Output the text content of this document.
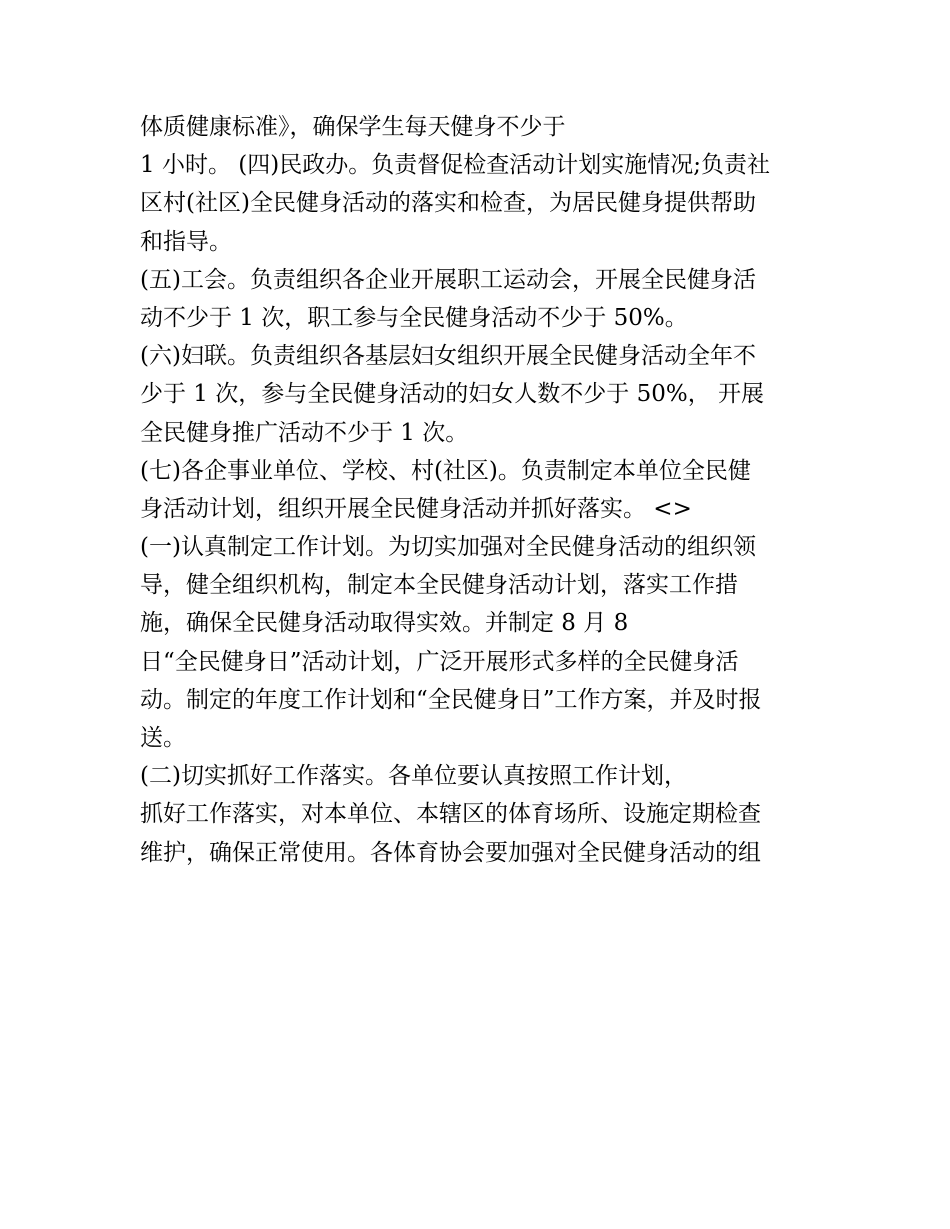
体质健康标准》，确保学生每天健身不少于
1 小时。 (四)民政办。负责督促检查活动计划实施情况;负责社
区村(社区)全民健身活动的落实和检查，为居民健身提供帮助
和指导。
(五)工会。负责组织各企业开展职工运动会，开展全民健身活
动不少于 1 次，职工参与全民健身活动不少于 50%。
(六)妇联。负责组织各基层妇女组织开展全民健身活动全年不
少于 1 次，参与全民健身活动的妇女人数不少于 50%， 开展
全民健身推广活动不少于 1 次。
(七)各企事业单位、学校、村(社区)。负责制定本单位全民健
身活动计划，组织开展全民健身活动并抓好落实。 <>
(一)认真制定工作计划。为切实加强对全民健身活动的组织领
导，健全组织机构，制定本全民健身活动计划，落实工作措
施，确保全民健身活动取得实效。并制定 8 月 8
日“全民健身日”活动计划，广泛开展形式多样的全民健身活
动。制定的年度工作计划和“全民健身日”工作方案，并及时报
送。
(二)切实抓好工作落实。各单位要认真按照工作计划，
抓好工作落实，对本单位、本辖区的体育场所、设施定期检查
维护，确保正常使用。各体育协会要加强对全民健身活动的组
